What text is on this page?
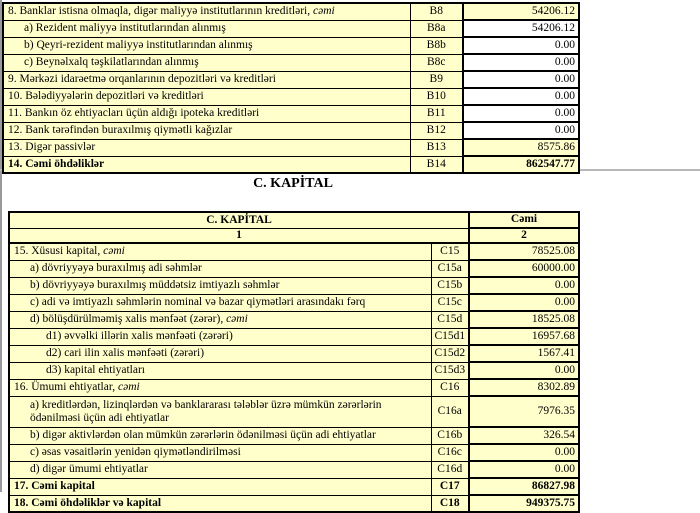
8. Banklar istisna olmaqla, digər maliyyə institutlarının kreditləri, cəmi	B8	54206.12
a) Rezident maliyyə institutlarından alınmış	B8a	54206.12
b) Qeyri-rezident maliyyə institutlarından alınmış	B8b	0.00
c) Beynəlxalq təşkilatlarından alınmış	B8c	0.00
9. Mərkəzi idarəetmə orqanlarının depozitləri və kreditləri	B9	0.00
10. Bələdiyyələrin depozitləri və kreditləri	B10	0.00
11. Bankın öz ehtiyacları üçün aldığı ipoteka kreditləri	B11	0.00
12. Bank tərəfindən buraxılmış qiymətli kağızlar	B12	0.00
13. Digər passivlər	B13	8575.86
14. Cəmi öhdəliklər	B14	862547.77
C. KAPİTAL
C. KAPİTAL		Cəmi
1		2
15. Xüsusi kapital, cəmi	C15	78525.08
a) dövriyyəyə buraxılmış adi səhmlər	C15a	60000.00
b) dövriyyəyə buraxılmış müddətsiz imtiyazlı səhmlər	C15b	0.00
c) adi və imtiyazlı səhmlərin nominal və bazar qiymətləri arasındakı fərq	C15c	0.00
d) bölüşdürülməmiş xalis mənfəət (zərər), cəmi	C15d	18525.08
d1) əvvəlki illərin xalis mənfəəti (zərəri)	C15d1	16957.68
d2) cari ilin xalis mənfəəti (zərəri)	C15d2	1567.41
d3) kapital ehtiyatları	C15d3	0.00
16. Ümumi ehtiyatlar, cəmi	C16	8302.89
a) kreditlərdən, lizinqlərdən və banklararası tələblər üzrə mümkün zərərlərin ödənilməsi üçün adi ehtiyatlar	C16a	7976.35
b) digər aktivlərdən olan mümkün zərərlərin ödənilməsi üçün adi ehtiyatlar	C16b	326.54
c) əsas vəsaitlərin yenidən qiymətləndirilməsi	C16c	0.00
d) digər ümumi ehtiyatlar	C16d	0.00
17. Cəmi kapital	C17	86827.98
18. Cəmi öhdəliklər və kapital	C18	949375.75
